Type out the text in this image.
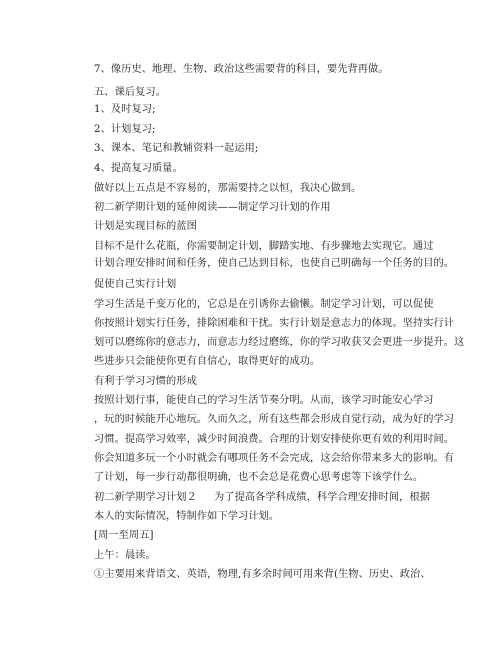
7、像历史、地理、生物、政治这些需要背的科目，要先背再做。
五、课后复习。
1、及时复习;
2、计划复习;
3、课本、笔记和教辅资料一起运用;
4、提高复习质量。
做好以上五点是不容易的，那需要持之以恒，我决心做到。
初二新学期计划的延伸阅读——制定学习计划的作用
计划是实现目标的蓝图
目标不是什么花瓶，你需要制定计划，脚踏实地、有步骤地去实现它。通过
计划合理安排时间和任务，使自己达到目标，也使自己明确每一个任务的目的。
促使自己实行计划
学习生活是千变万化的，它总是在引诱你去偷懒。制定学习计划，可以促使
你按照计划实行任务，排除困难和干扰。实行计划是意志力的体现。坚持实行计
划可以磨练你的意志力，而意志力经过磨练，你的学习收获又会更进一步提升。这
些进步只会能使你更有自信心，取得更好的成功。
有利于学习习惯的形成
按照计划行事，能使自己的学习生活节奏分明。从而，该学习时能安心学习
，玩的时候能开心地玩。久而久之，所有这些都会形成自觉行动，成为好的学习
习惯。提高学习效率，减少时间浪费。合理的计划安排使你更有效的利用时间。
你会知道多玩一个小时就会有哪项任务不会完成，这会给你带来多大的影响。有
了计划，每一步行动都很明确，也不会总是花费心思考虑等下该学什么。
初二新学期学习计划２ 为了提高各学科成绩，科学合理安排时间，根据
本人的实际情况，特制作如下学习计划。
[周一至周五]
上午：晨读。
①主要用来背语文、英语，物理,有多余时间可用来背(生物、历史、政治、
